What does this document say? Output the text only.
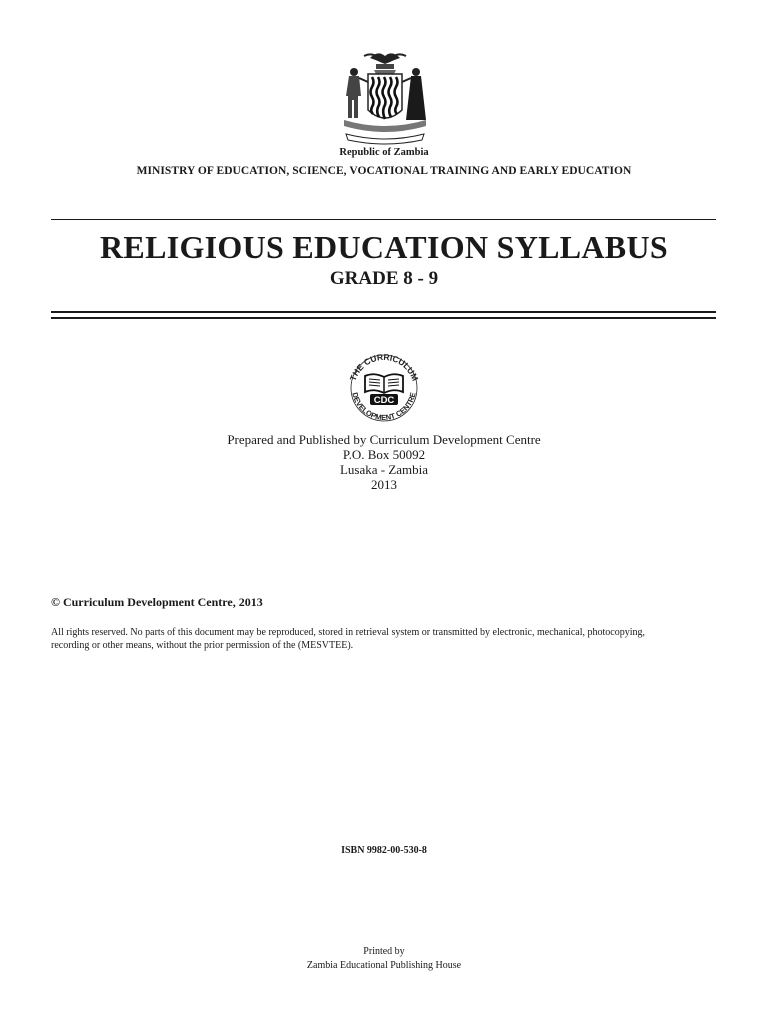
Republic of Zambia
MINISTRY OF EDUCATION, SCIENCE, VOCATIONAL TRAINING AND EARLY EDUCATION
RELIGIOUS EDUCATION SYLLABUS
GRADE 8 - 9
THE CURRICULUM
DEVELOPMENT CENTRE
CDC
Prepared and Published by Curriculum Development Centre
P.O. Box 50092
Lusaka - Zambia
2013
© Curriculum Development Centre, 2013
All rights reserved. No parts of this document may be reproduced, stored in retrieval system or transmitted by electronic, mechanical, photocopying,
recording or other means, without the prior permission of the (MESVTEE).
ISBN 9982-00-530-8
Printed by
Zambia Educational Publishing House
